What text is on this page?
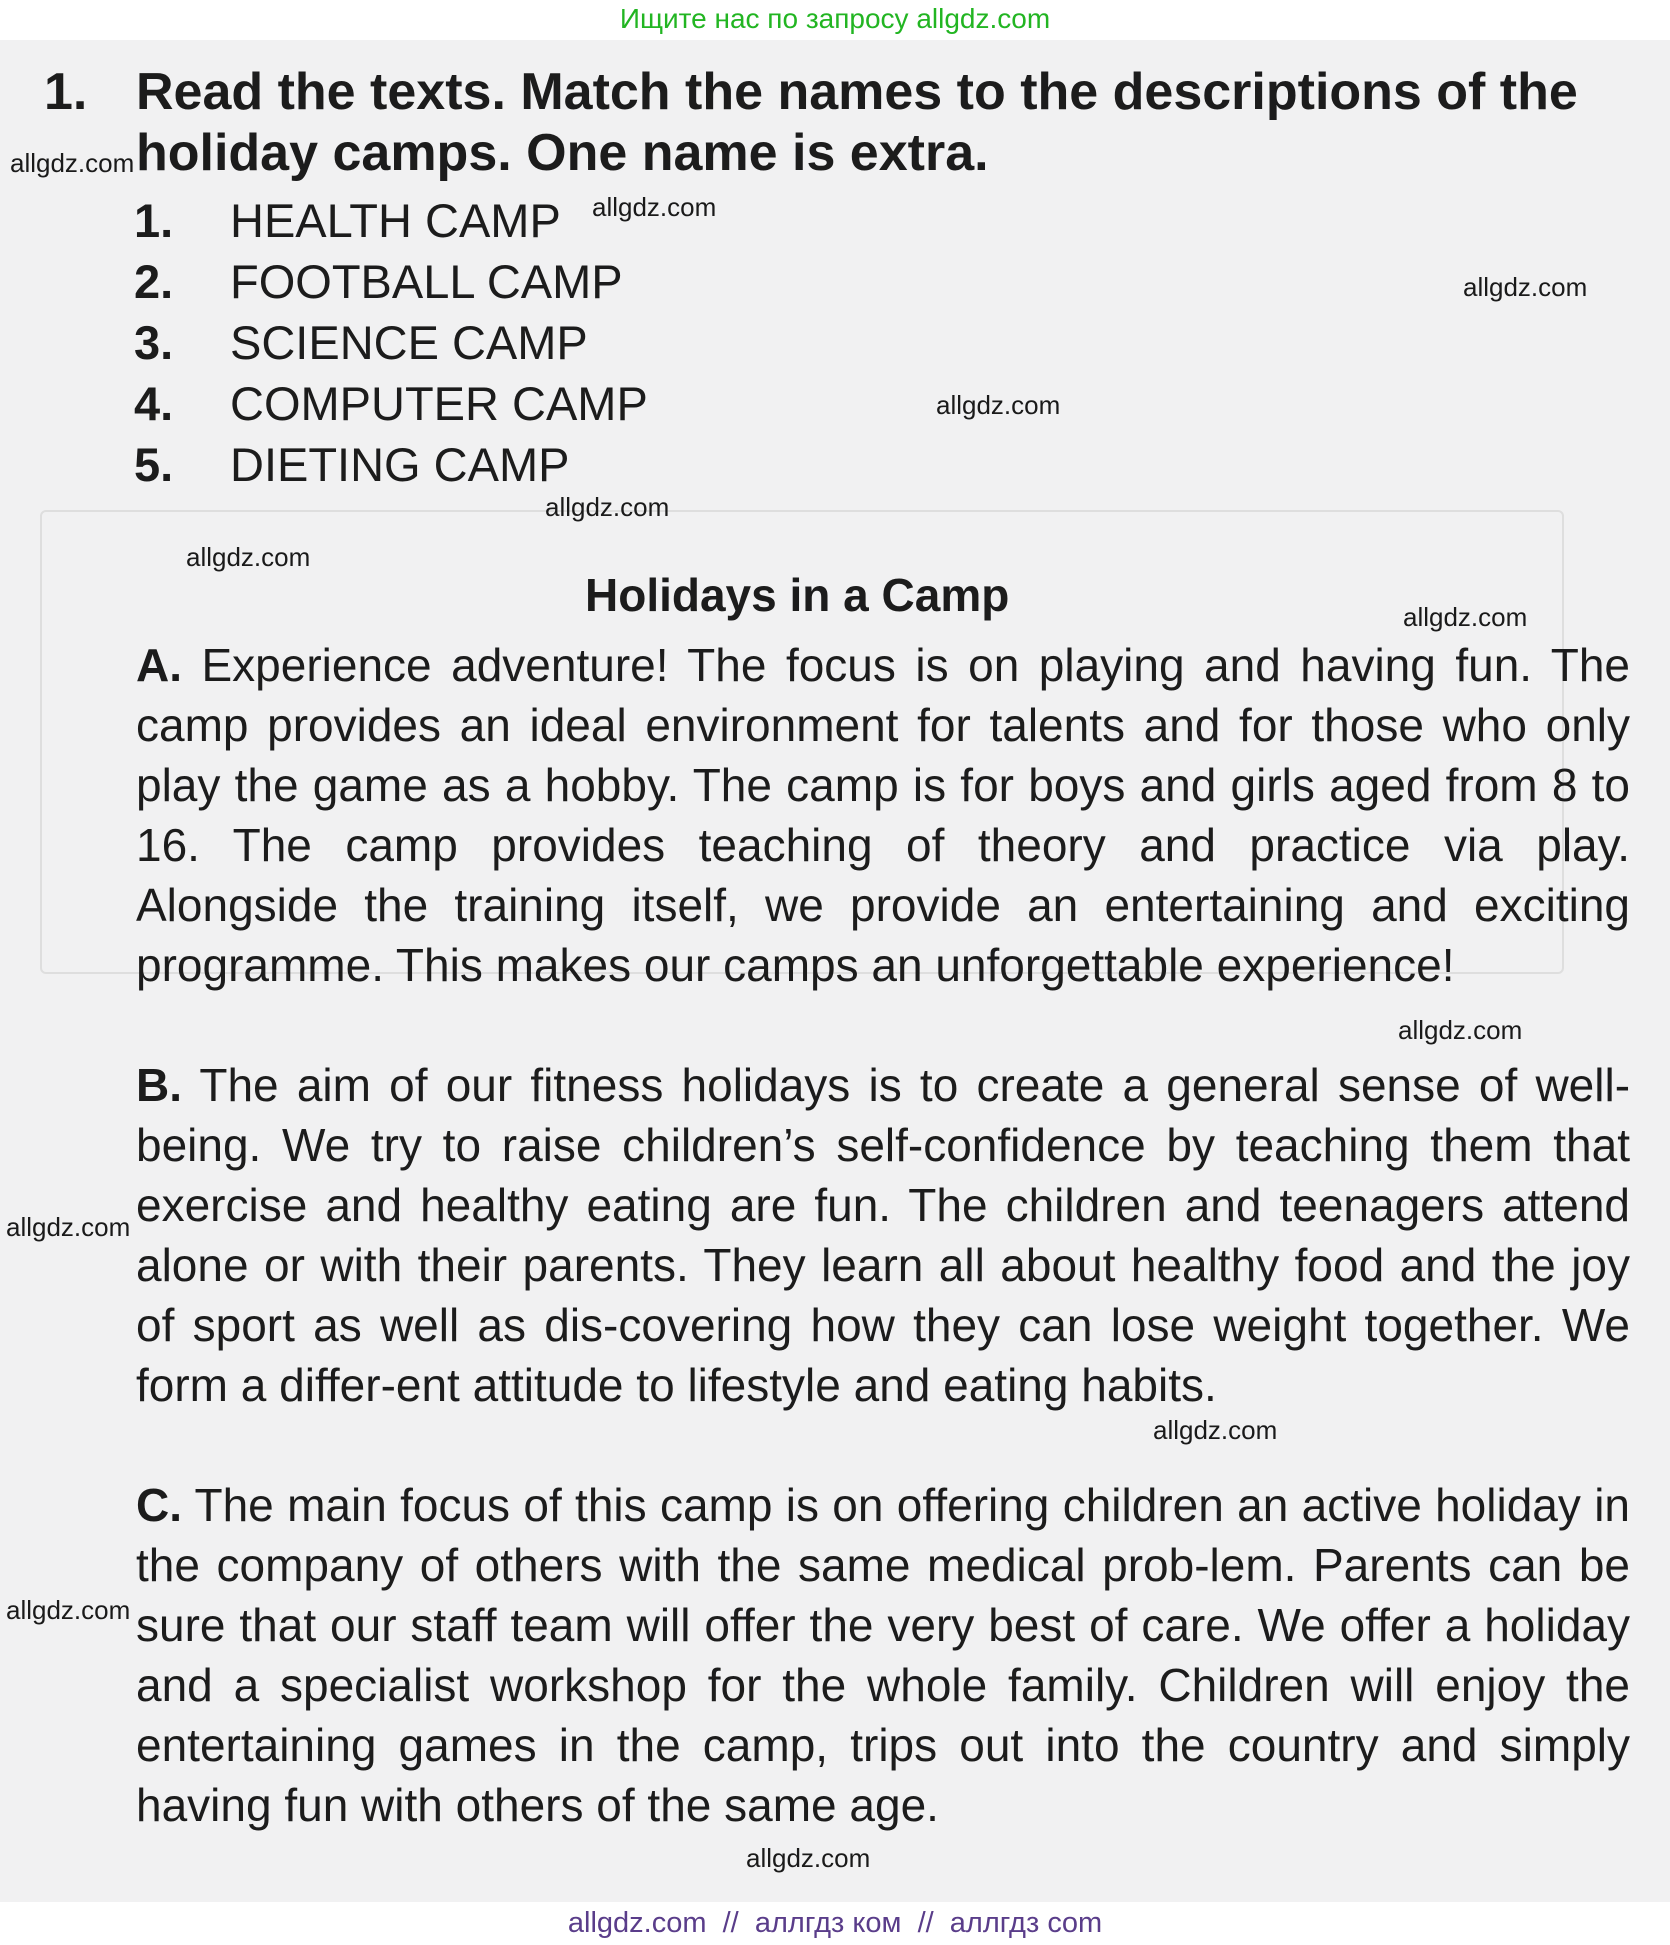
Ищите нас по запросу allgdz.com
1. Read the texts. Match the names to the descriptions of the holiday camps. One name is extra.
1. HEALTH CAMP
2. FOOTBALL CAMP
3. SCIENCE CAMP
4. COMPUTER CAMP
5. DIETING CAMP
Holidays in a Camp
A. Experience adventure! The focus is on playing and having fun. The camp provides an ideal environment for talents and for those who only play the game as a hobby. The camp is for boys and girls aged from 8 to 16. The camp provides teaching of theory and practice via play. Alongside the training itself, we provide an entertaining and exciting programme. This makes our camps an unforgettable experience!
B. The aim of our fitness holidays is to create a general sense of well-being. We try to raise children’s self-confidence by teaching them that exercise and healthy eating are fun. The children and teenagers attend alone or with their parents. They learn all about healthy food and the joy of sport as well as dis-covering how they can lose weight together. We form a differ-ent attitude to lifestyle and eating habits.
C. The main focus of this camp is on offering children an active holiday in the company of others with the same medical prob-lem. Parents can be sure that our staff team will offer the very best of care. We offer a holiday and a specialist workshop for the whole family. Children will enjoy the entertaining games in the camp, trips out into the country and simply having fun with others of the same age.
allgdz.com
allgdz.com
allgdz.com
allgdz.com
allgdz.com
allgdz.com
allgdz.com
allgdz.com
allgdz.com
allgdz.com
allgdz.com
allgdz.com
allgdz.com  //  аллгдз ком  //  аллгдз com
